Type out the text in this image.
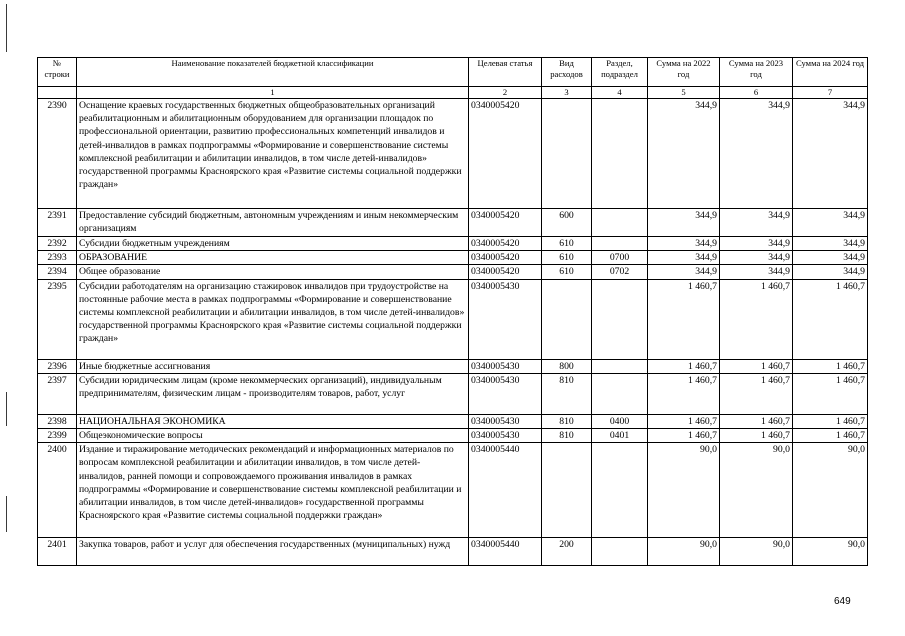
№ строки	Наименование показателей бюджетной классификации	Целевая статья	Вид расходов	Раздел, подраздел	Сумма на 2022 год	Сумма на 2023 год	Сумма на 2024 год
	1	2	3	4	5	6	7
2390	Оснащение краевых государственных бюджетных общеобразовательных организаций реабилитационным и абилитационным оборудованием для организации площадок по профессиональной ориентации, развитию профессиональных компетенций инвалидов и детей-инвалидов в рамках подпрограммы «Формирование и совершенствование системы комплексной реабилитации и абилитации инвалидов, в том числе детей-инвалидов» государственной программы Красноярского края «Развитие системы социальной поддержки граждан»	0340005420			344,9	344,9	344,9
2391	Предоставление субсидий бюджетным, автономным учреждениям и иным некоммерческим организациям	0340005420	600		344,9	344,9	344,9
2392	Субсидии бюджетным учреждениям	0340005420	610		344,9	344,9	344,9
2393	ОБРАЗОВАНИЕ	0340005420	610	0700	344,9	344,9	344,9
2394	Общее образование	0340005420	610	0702	344,9	344,9	344,9
2395	Субсидии работодателям на организацию стажировок инвалидов при трудоустройстве на постоянные рабочие места в рамках подпрограммы «Формирование и совершенствование системы комплексной реабилитации и абилитации инвалидов, в том числе детей-инвалидов» государственной программы Красноярского края «Развитие системы социальной поддержки граждан»	0340005430			1 460,7	1 460,7	1 460,7
2396	Иные бюджетные ассигнования	0340005430	800		1 460,7	1 460,7	1 460,7
2397	Субсидии юридическим лицам (кроме некоммерческих организаций), индивидуальным предпринимателям, физическим лицам - производителям товаров, работ, услуг	0340005430	810		1 460,7	1 460,7	1 460,7
2398	НАЦИОНАЛЬНАЯ ЭКОНОМИКА	0340005430	810	0400	1 460,7	1 460,7	1 460,7
2399	Общеэкономические вопросы	0340005430	810	0401	1 460,7	1 460,7	1 460,7
2400	Издание и тиражирование методических рекомендаций и информационных материалов по вопросам комплексной реабилитации и абилитации инвалидов, в том числе детей-инвалидов, ранней помощи и сопровождаемого проживания инвалидов в рамках подпрограммы «Формирование и совершенствование системы комплексной реабилитации и абилитации инвалидов, в том числе детей-инвалидов» государственной программы Красноярского края «Развитие системы социальной поддержки граждан»	0340005440			90,0	90,0	90,0
2401	Закупка товаров, работ и услуг для обеспечения государственных (муниципальных) нужд	0340005440	200		90,0	90,0	90,0
649
